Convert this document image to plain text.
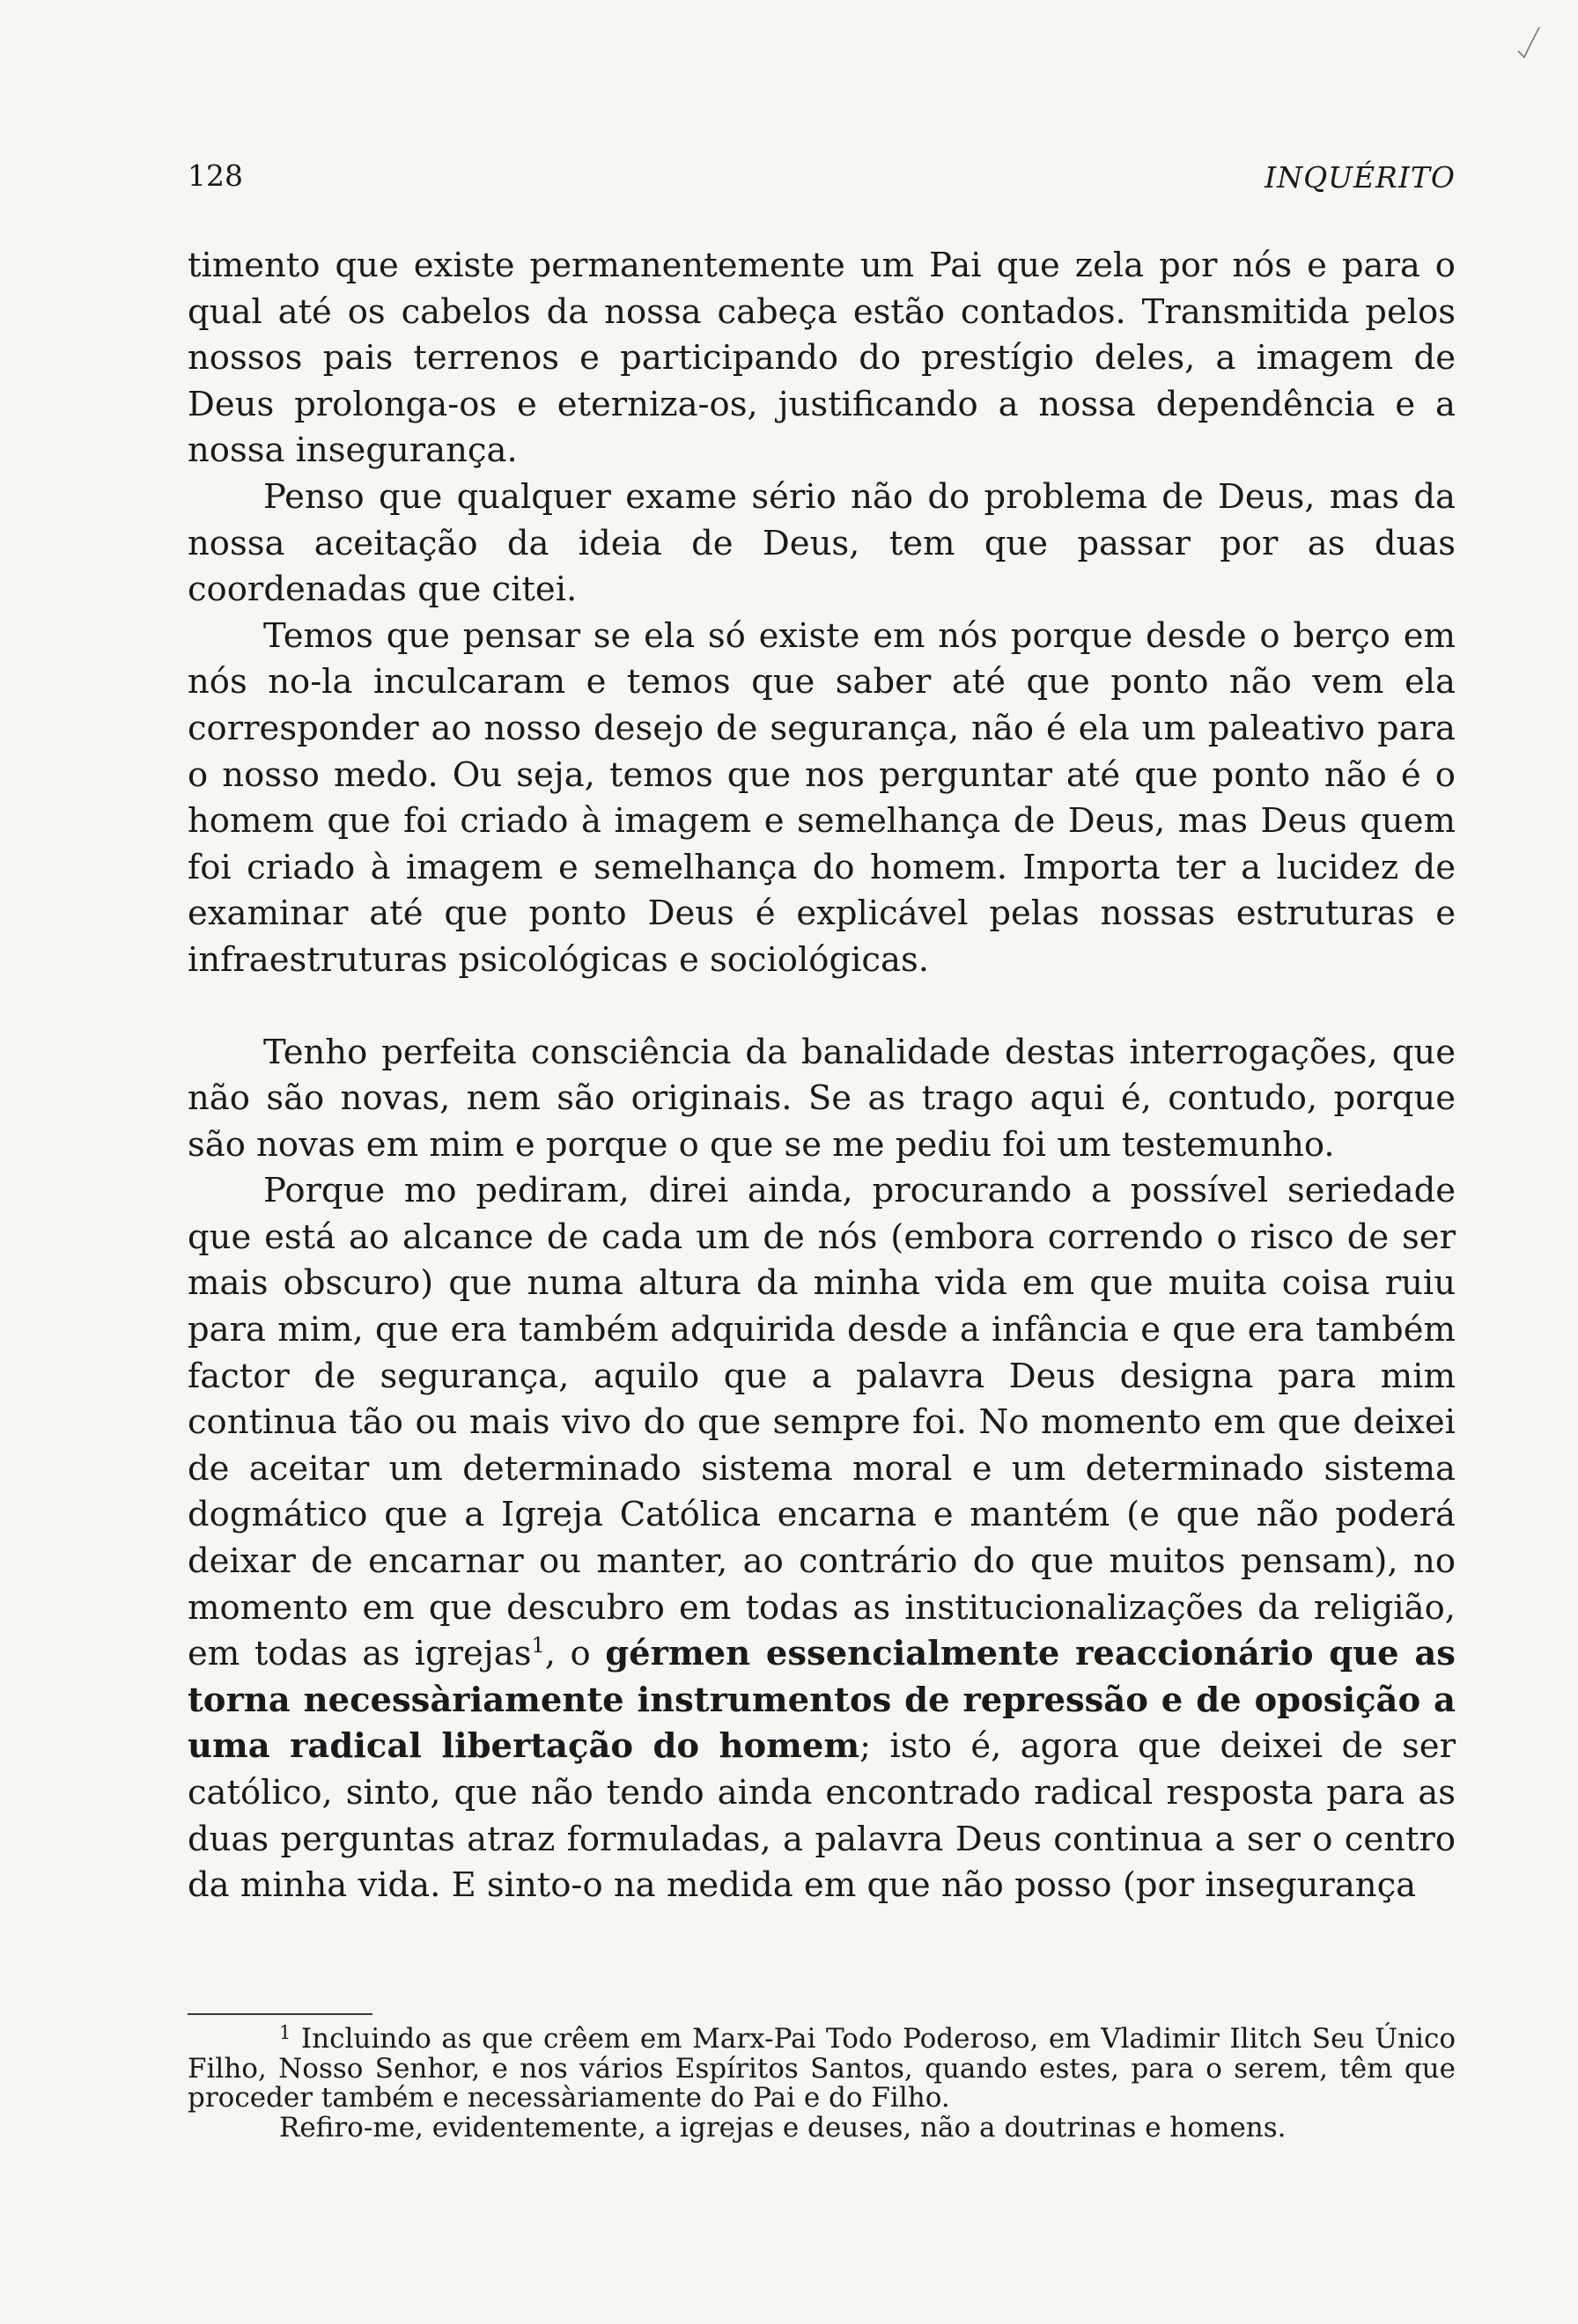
128	INQUÉRITO

timento que existe permanentemente um Pai que zela por nós e para o qual até os cabelos da nossa cabeça estão contados. Transmitida pelos nossos pais terrenos e participando do prestígio deles, a imagem de Deus prolonga-os e eterniza-os, justificando a nossa dependência e a nossa insegurança.

Penso que qualquer exame sério não do problema de Deus, mas da nossa aceitação da ideia de Deus, tem que passar por as duas coordenadas que citei.

Temos que pensar se ela só existe em nós porque desde o berço em nós no-la inculcaram e temos que saber até que ponto não vem ela corresponder ao nosso desejo de segurança, não é ela um paleativo para o nosso medo. Ou seja, temos que nos perguntar até que ponto não é o homem que foi criado à imagem e semelhança de Deus, mas Deus quem foi criado à imagem e semelhança do homem. Importa ter a lucidez de examinar até que ponto Deus é explicável pelas nossas estruturas e infraestruturas psicológicas e sociológicas.

Tenho perfeita consciência da banalidade destas interrogações, que não são novas, nem são originais. Se as trago aqui é, contudo, porque são novas em mim e porque o que se me pediu foi um testemunho.

Porque mo pediram, direi ainda, procurando a possível seriedade que está ao alcance de cada um de nós (embora correndo o risco de ser mais obscuro) que numa altura da minha vida em que muita coisa ruiu para mim, que era também adquirida desde a infância e que era também factor de segurança, aquilo que a palavra Deus designa para mim continua tão ou mais vivo do que sempre foi. No momento em que deixei de aceitar um determinado sistema moral e um determinado sistema dogmático que a Igreja Católica encarna e mantém (e que não poderá deixar de encarnar ou manter, ao contrário do que muitos pensam), no momento em que descubro em todas as institucionalizações da religião, em todas as igrejas$^1$, o gérmen essencialmente reaccionário que as torna necessàriamente instrumentos de repressão e de oposição a uma radical libertação do homem; isto é, agora que deixei de ser católico, sinto, que não tendo ainda encontrado radical resposta para as duas perguntas atraz formuladas, a palavra Deus continua a ser o centro da minha vida. E sinto-o na medida em que não posso (por insegurança

$^1$ Incluindo as que crêem em Marx-Pai Todo Poderoso, em Vladimir Ilitch Seu Único Filho, Nosso Senhor, e nos vários Espíritos Santos, quando estes, para o serem, têm que proceder também e necessàriamente do Pai e do Filho.

Refiro-me, evidentemente, a igrejas e deuses, não a doutrinas e homens.
